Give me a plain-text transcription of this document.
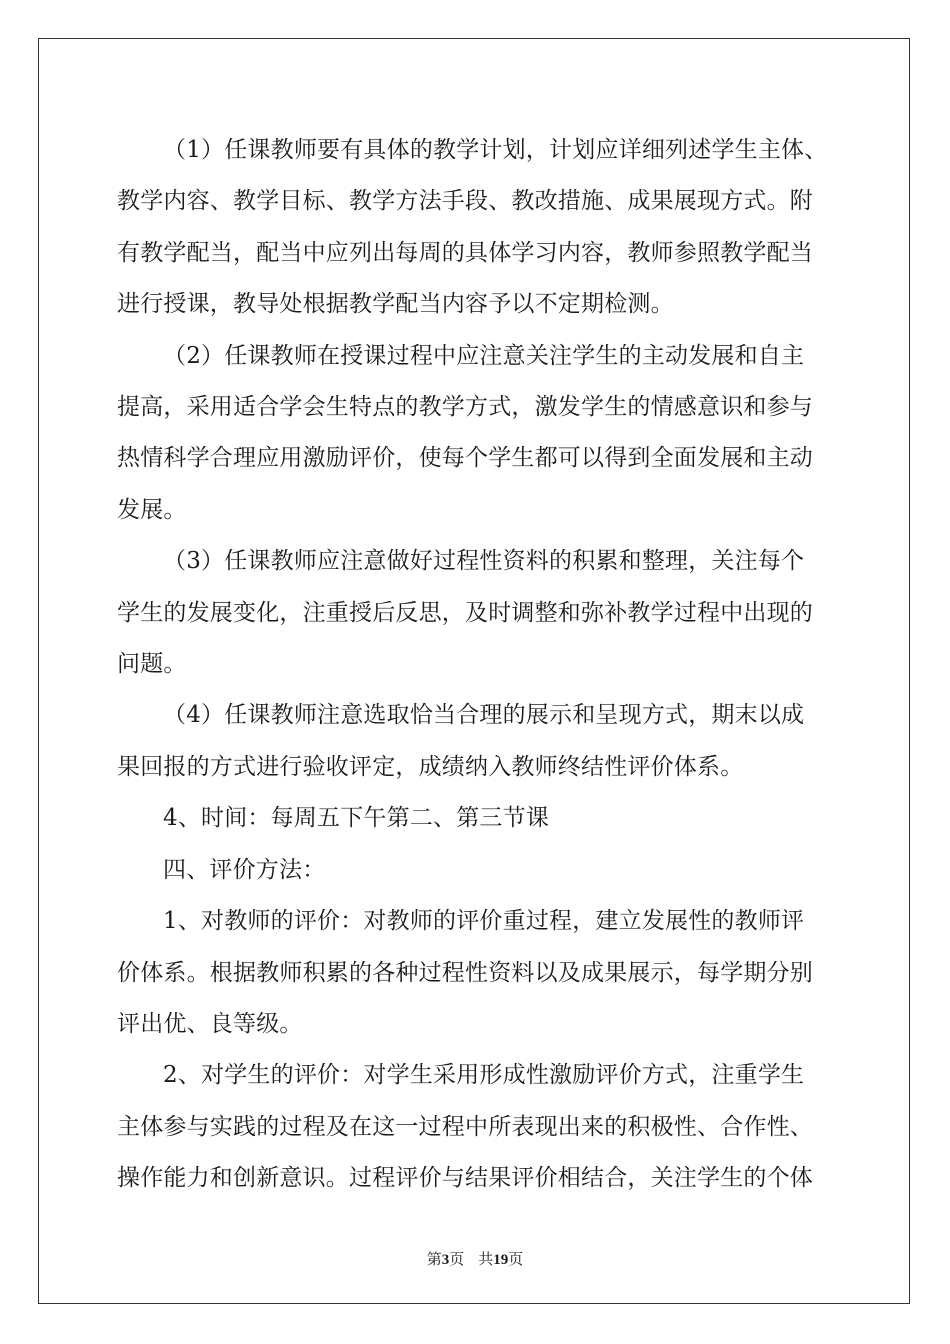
（1）任课教师要有具体的教学计划，计划应详细列述学生主体、
教学内容、教学目标、教学方法手段、教改措施、成果展现方式。附
有教学配当，配当中应列出每周的具体学习内容，教师参照教学配当
进行授课，教导处根据教学配当内容予以不定期检测。

（2）任课教师在授课过程中应注意关注学生的主动发展和自主
提高，采用适合学会生特点的教学方式，激发学生的情感意识和参与
热情科学合理应用激励评价，使每个学生都可以得到全面发展和主动
发展。

（3）任课教师应注意做好过程性资料的积累和整理，关注每个
学生的发展变化，注重授后反思，及时调整和弥补教学过程中出现的
问题。

（4）任课教师注意选取恰当合理的展示和呈现方式，期末以成
果回报的方式进行验收评定，成绩纳入教师终结性评价体系。

4、时间：每周五下午第二、第三节课

四、评价方法：

1、对教师的评价：对教师的评价重过程，建立发展性的教师评
价体系。根据教师积累的各种过程性资料以及成果展示，每学期分别
评出优、良等级。

2、对学生的评价：对学生采用形成性激励评价方式，注重学生
主体参与实践的过程及在这一过程中所表现出来的积极性、合作性、
操作能力和创新意识。过程评价与结果评价相结合，关注学生的个体

第3页 共19页
